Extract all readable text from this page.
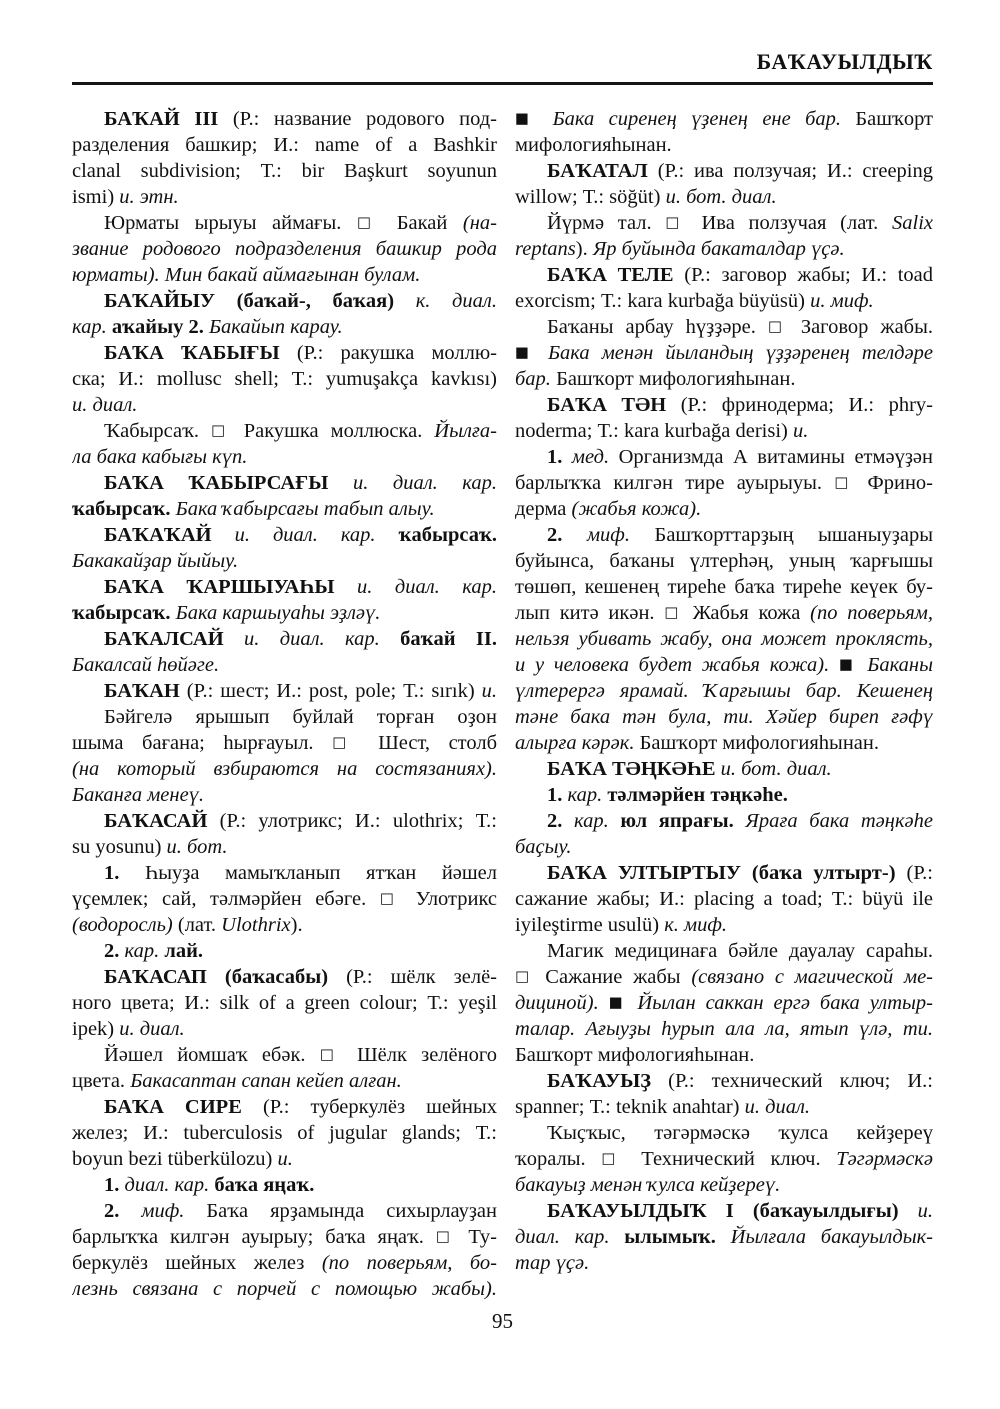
БАҠАУЫЛДЫҠ
БАҠАЙ III (Р.: название родового под-
разделения башкир; И.: name of a Bashkir
clanal subdivision; Т.: bir Başkurt soyunun
ismi) и. этн.
Юрматы ырыуы аймағы. □ Бакай (на-
звание родового подразделения башкир рода
юрматы). Мин бакай аймағынан булам.
БАҠАЙЫУ (баҡай-, баҡая) к. диал.
кар. аҡайыу 2. Бакайып карау.
БАҠА ҠАБЫҒЫ (Р.: ракушка моллю-
ска; И.: mollusc shell; Т.: yumuşakça kavkısı)
и. диал.
Ҡабырсаҡ. □ Ракушка моллюска. Йылға-
ла бака кабығы күп.
БАҠА ҠАБЫРСАҒЫ и. диал. кар.
ҡабырсаҡ. Бака ҡабырсағы табып алыу.
БАҠАҠАЙ и. диал. кар. ҡабырсаҡ.
Бакакайҙар йыйыу.
БАҠА ҠАРШЫУАҺЫ и. диал. кар.
ҡабырсаҡ. Бака каршыуаһы эҙләү.
БАҠАЛСАЙ и. диал. кар. баҡай II.
Бакалсай һөйәге.
БАҠАН (Р.: шест; И.: post, pole; Т.: sırık) и.
Бәйгелә ярышып буйлай торған оҙон
шыма бағана; һырғауыл. □ Шест, столб
(на который взбираются на состязаниях).
Баканға менеү.
БАҠАСАЙ (Р.: улотрикс; И.: ulothrix; Т.:
su yosunu) и. бот.
1. Һыуҙа мамыҡланып ятҡан йәшел
үҫемлек; сай, тәлмәрйен ебәге. □ Улотрикс
(водоросль) (лат. Ulothrix).
2. кар. лай.
БАҠАСАП (баҡасабы) (Р.: шёлк зелё-
ного цвета; И.: silk of a green colour; Т.: yeşil
ipek) и. диал.
Йәшел йомшаҡ ебәк. □ Шёлк зелёного
цвета. Бакасаптан сапан кейеп алған.
БАҠА СИРЕ (Р.: туберкулёз шейных
желез; И.: tuberculosis of jugular glands; Т.:
boyun bezi tüberkülozu) и.
1. диал. кар. баҡа яңаҡ.
2. миф. Баҡа ярҙамында сихырлауҙан
барлыҡҡа килгән ауырыу; баҡа яңаҡ. □ Ту-
беркулёз шейных желез (по поверьям, бо-
лезнь связана с порчей с помощью жабы).
■ Бака сиренең үҙенең ене бар. Башҡорт
мифологияһынан.
БАҠАТАЛ (Р.: ива ползучая; И.: creeping
willow; Т.: söğüt) и. бот. диал.
Йүрмә тал. □ Ива ползучая (лат. Salix
reptans). Яр буйында бакаталдар үҫә.
БАҠА ТЕЛЕ (Р.: заговор жабы; И.: toad
exorcism; Т.: kara kurbağa büyüsü) и. миф.
Баҡаны арбау һүҙҙәре. □ Заговор жабы.
■ Бака менән йыландың үҙҙәренең телдәре
бар. Башҡорт мифологияһынан.
БАҠА ТӘН (Р.: фринодерма; И.: phry-
noderma; Т.: kara kurbağa derisi) и.
1. мед. Организмда А витамины етмәүҙән
барлыҡҡа килгән тире ауырыуы. □ Фрино-
дерма (жабья кожа).
2. миф. Башҡорттарҙың ышаныуҙары
буйынса, баҡаны үлтерһәң, уның ҡарғышы
төшөп, кешенең тиреһе баҡа тиреһе кеүек бу-
лып китә икән. □ Жабья кожа (по поверьям,
нельзя убивать жабу, она может проклясть,
и у человека будет жабья кожа). ■ Баканы
үлтерергә ярамай. Ҡарғышы бар. Кешенең
тәне бака тән була, ти. Хәйер биреп ғәфү
алырға кәрәк. Башҡорт мифологияһынан.
БАҠА ТӘҢКӘҺЕ и. бот. диал.
1. кар. тәлмәрйен тәңкәһе.
2. кар. юл япрағы. Яраға бака тәңкәһе
баҫыу.
БАҠА УЛТЫРТЫУ (баҡа ултырт-) (Р.:
сажание жабы; И.: placing a toad; Т.: büyü ile
iyileştirme usulü) к. миф.
Магик медицинаға бәйле дауалау сараһы.
□ Сажание жабы (связано с магической ме-
дициной). ■ Йылан саккан ергә бака ултыр-
талар. Ағыуҙы һурып ала ла, ятып үлә, ти.
Башҡорт мифологияһынан.
БАҠАУЫҘ (Р.: технический ключ; И.:
spanner; Т.: teknik anahtar) и. диал.
Ҡыҫҡыс, тәгәрмәскә ҡулса кейҙереү
ҡоралы. □ Технический ключ. Тәгәрмәскә
бакауыҙ менән ҡулса кейҙереү.
БАҠАУЫЛДЫҠ I (баҡауылдығы) и.
диал. кар. ылымыҡ. Йылғала бакауылдык-
тар үҫә.
95
